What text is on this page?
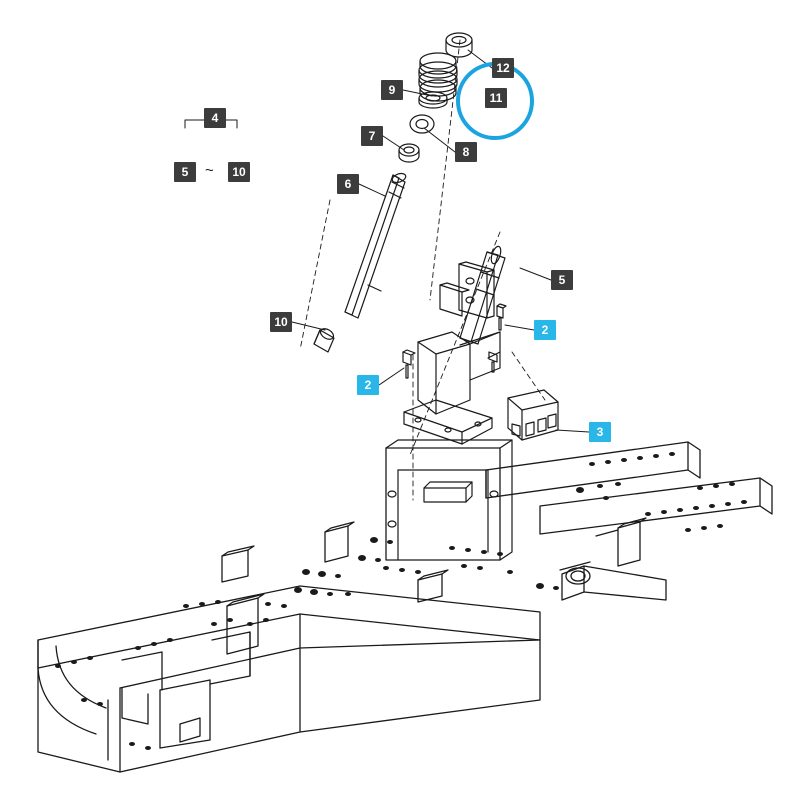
4
5	~	10
12
9
11
7
8
6
5
2
10
2
3
